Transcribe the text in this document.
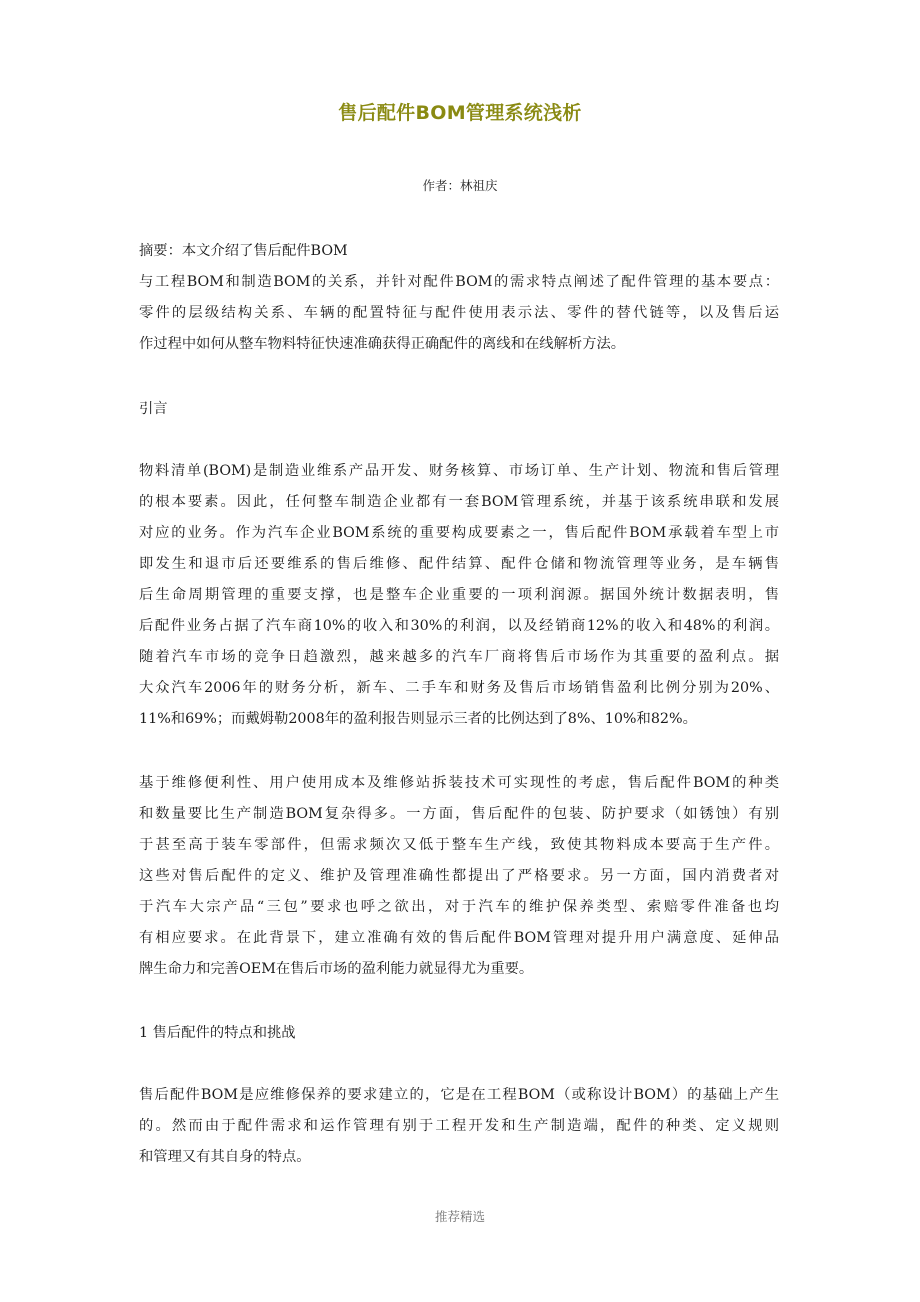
售后配件BOM管理系统浅析
作者：林祖庆
摘要：本文介绍了售后配件BOM
与工程BOM和制造BOM的关系，并针对配件BOM的需求特点阐述了配件管理的基本要点：
零件的层级结构关系、车辆的配置特征与配件使用表示法、零件的替代链等，以及售后运
作过程中如何从整车物料特征快速准确获得正确配件的离线和在线解析方法。
引言
物料清单(BOM)是制造业维系产品开发、财务核算、市场订单、生产计划、物流和售后管理
的根本要素。因此，任何整车制造企业都有一套BOM管理系统，并基于该系统串联和发展
对应的业务。作为汽车企业BOM系统的重要构成要素之一，售后配件BOM承载着车型上市
即发生和退市后还要维系的售后维修、配件结算、配件仓储和物流管理等业务，是车辆售
后生命周期管理的重要支撑，也是整车企业重要的一项利润源。据国外统计数据表明，售
后配件业务占据了汽车商10%的收入和30%的利润，以及经销商12%的收入和48%的利润。
随着汽车市场的竞争日趋激烈，越来越多的汽车厂商将售后市场作为其重要的盈利点。据
大众汽车2006年的财务分析，新车、二手车和财务及售后市场销售盈利比例分别为20%、
11%和69%；而戴姆勒2008年的盈利报告则显示三者的比例达到了8%、10%和82%。
基于维修便利性、用户使用成本及维修站拆装技术可实现性的考虑，售后配件BOM的种类
和数量要比生产制造BOM复杂得多。一方面，售后配件的包装、防护要求（如锈蚀）有别
于甚至高于装车零部件，但需求频次又低于整车生产线，致使其物料成本要高于生产件。
这些对售后配件的定义、维护及管理准确性都提出了严格要求。另一方面，国内消费者对
于汽车大宗产品“三包”要求也呼之欲出，对于汽车的维护保养类型、索赔零件准备也均
有相应要求。在此背景下，建立准确有效的售后配件BOM管理对提升用户满意度、延伸品
牌生命力和完善OEM在售后市场的盈利能力就显得尤为重要。
1 售后配件的特点和挑战
售后配件BOM是应维修保养的要求建立的，它是在工程BOM（或称设计BOM）的基础上产生
的。然而由于配件需求和运作管理有别于工程开发和生产制造端，配件的种类、定义规则
和管理又有其自身的特点。
推荐精选
